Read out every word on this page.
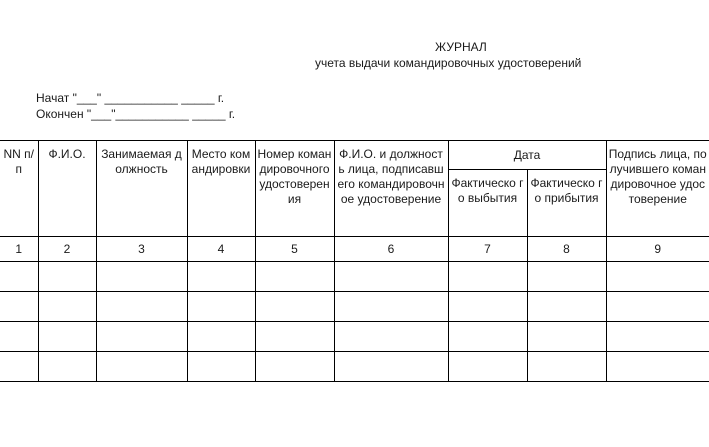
ЖУРНАЛ
учета выдачи командировочных удостоверений
Начат "___" ___________ _____ г.
Окончен "___"___________ _____ г.
NN п/п	Ф.И.О.	Занимаемая должность	Место командировки	Номер командировочного удостоверения	Ф.И.О. и должность лица, подписавшего командировочное удостоверение	Дата		Подпись лица, получившего командировочное удостоверение
						Фактическо го выбытия	Фактическо го прибытия	
1	2	3	4	5	6	7	8	9
